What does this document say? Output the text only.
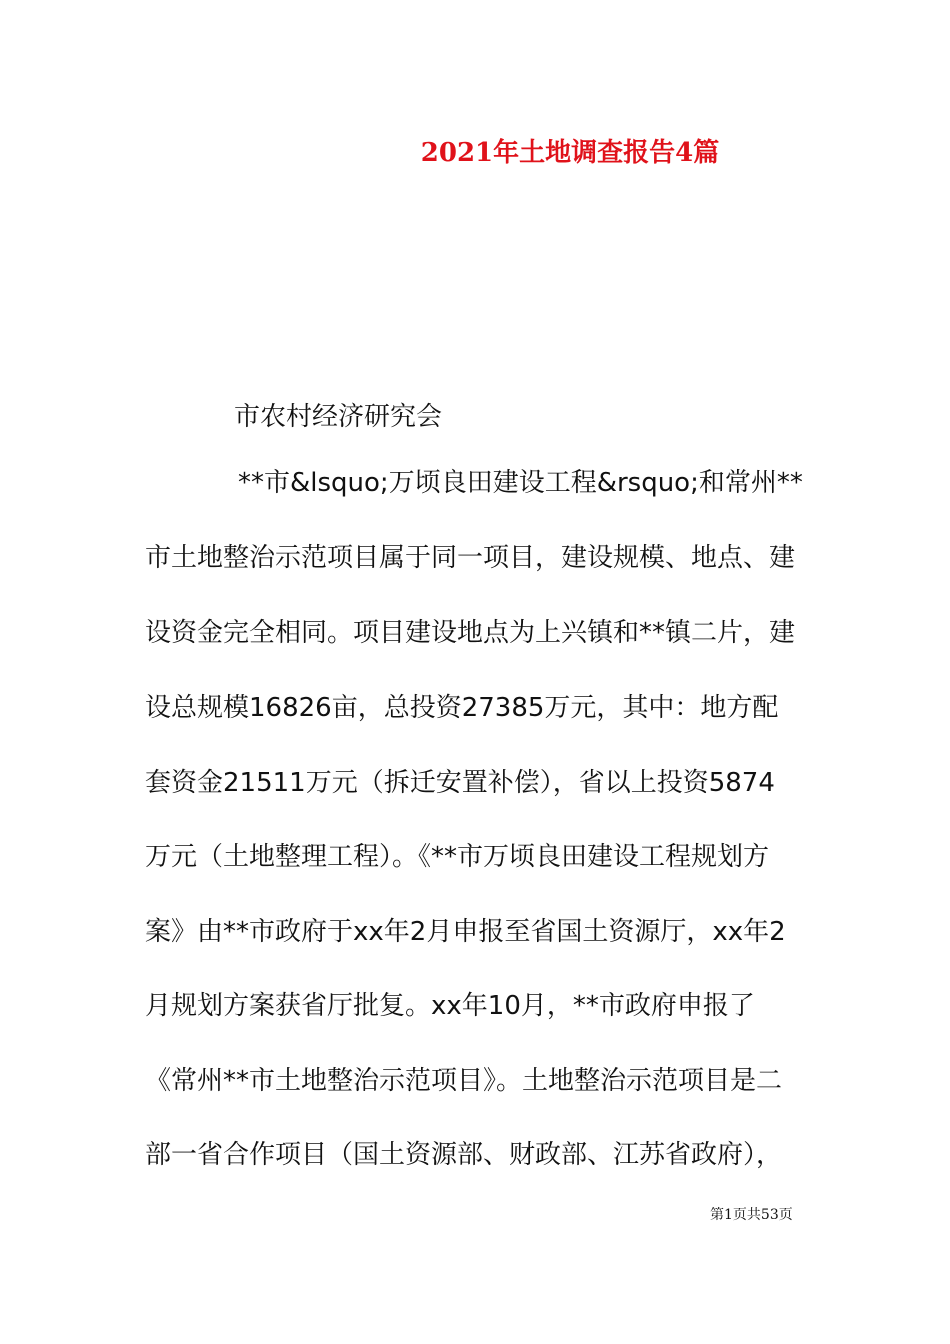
2021年土地调查报告4篇
市农村经济研究会
**市&lsquo;万顷良田建设工程&rsquo;和常州**
市土地整治示范项目属于同一项目，建设规模、地点、建
设资金完全相同。项目建设地点为上兴镇和**镇二片，建
设总规模16826亩，总投资27385万元，其中：地方配
套资金21511万元（拆迁安置补偿），省以上投资5874
万元（土地整理工程）。《**市万顷良田建设工程规划方
案》由**市政府于xx年2月申报至省国土资源厅，xx年2
月规划方案获省厅批复。xx年10月，**市政府申报了
《常州**市土地整治示范项目》。土地整治示范项目是二
部一省合作项目（国土资源部、财政部、江苏省政府），
第1页共53页
